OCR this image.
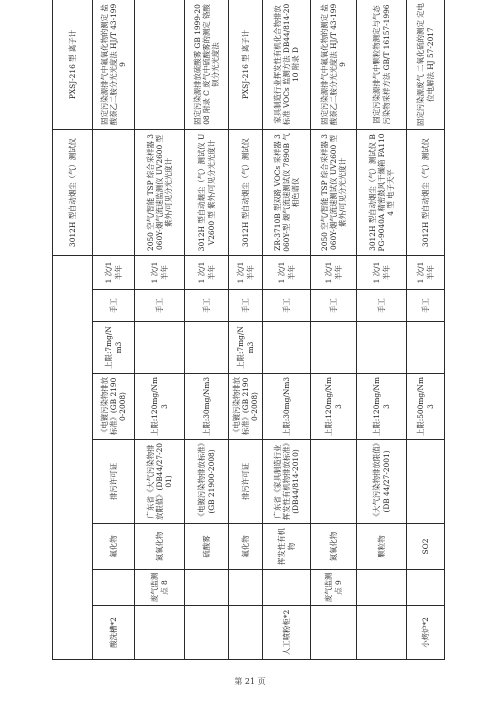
								3012H 型自动烟尘（气）测试仪	PXSJ-216 型 离子计
酸洗槽*2		氟化物	排污许可证	《电镀污染物排放标准》(GB 21900-2008)	上限:7mg/Nm3	手工	1 次/1 半年		固定污染源排气中氟氧化物的测定 盐酸萘乙二胺分光光度法 HJ/T 43-1999
	废气监测点 8	氮氧化物	广东省《大气污染物排放限值》(DB44/27-2001)	上限:120mg/Nm3		手工	1 次/1 半年	2050 空气/智能 TSP 综合采样器 3060Y-烟气流速监测仪 UV2600 型 紫外/可见分光光度计	
		硫酸雾	《电镀污染物排放标准》(GB 21900-2008)	上限:30mg/Nm3		手工	1 次/1 半年	3012H 型自动烟尘（气）测试仪 UV2600 型 紫外/可见分光光度计	固定污染源排放硫酸雾 GB 1999-2008 附录 C 废气中硫酸雾的测定 铬酸钡分光光度法
		氟化物	排污许可证	《电镀污染物排放标准》(GB 21900-2008)	上限:7mg/Nm3	手工	1 次/1 半年	3012H 型自动烟尘（气）测试仪	PXSJ-216 型 离子计
人工喷粉柜*2		挥发性有机物	广东省《家具制造行业挥发性有机物排放标准》(DB44/814-2010)	上限:30mg/Nm3		手工	1 次/1 半年	ZR-3710B 型双路 VOCs 采样器 3060Y-型 烟气流速测试仪 7890B 气相色谱仪	家具制造行业挥发性有机化合物排放标准 VOCs 监测方法 DB44/814-2010 附录 D
	废气监测点 9	氮氧化物		上限:120mg/Nm3		手工	1 次/1 半年	2050 空气/智能 TSP 综合采样器 3060Y-烟气流速测试仪 UV2600 型 紫外/可见分光光度计	固定污染源排气中氟氧化物的测定 盐酸萘乙二胺分光光度法 HJ/T 43-1999
		颗粒物	《大气污染物排放限值》(DB 44/27-2001)	上限:120mg/Nm3		手工	1 次/1 半年	3012H 型自动烟尘（气）测试仪 BPG-9040A 精密鼓风干燥箱 FA1104 型 电子天平	固定污染源排气中颗粒物测定与气态污染物采样方法 GB/T 16157-1996
小烤炉*2		SO2		上限:500mg/Nm3		手工	1 次/1 半年	3012H 型自动烟尘（气）测试仪	固定污染源废气 二氧化硫的测定 定电位电解法 HJ 57-2017
第 21 页
